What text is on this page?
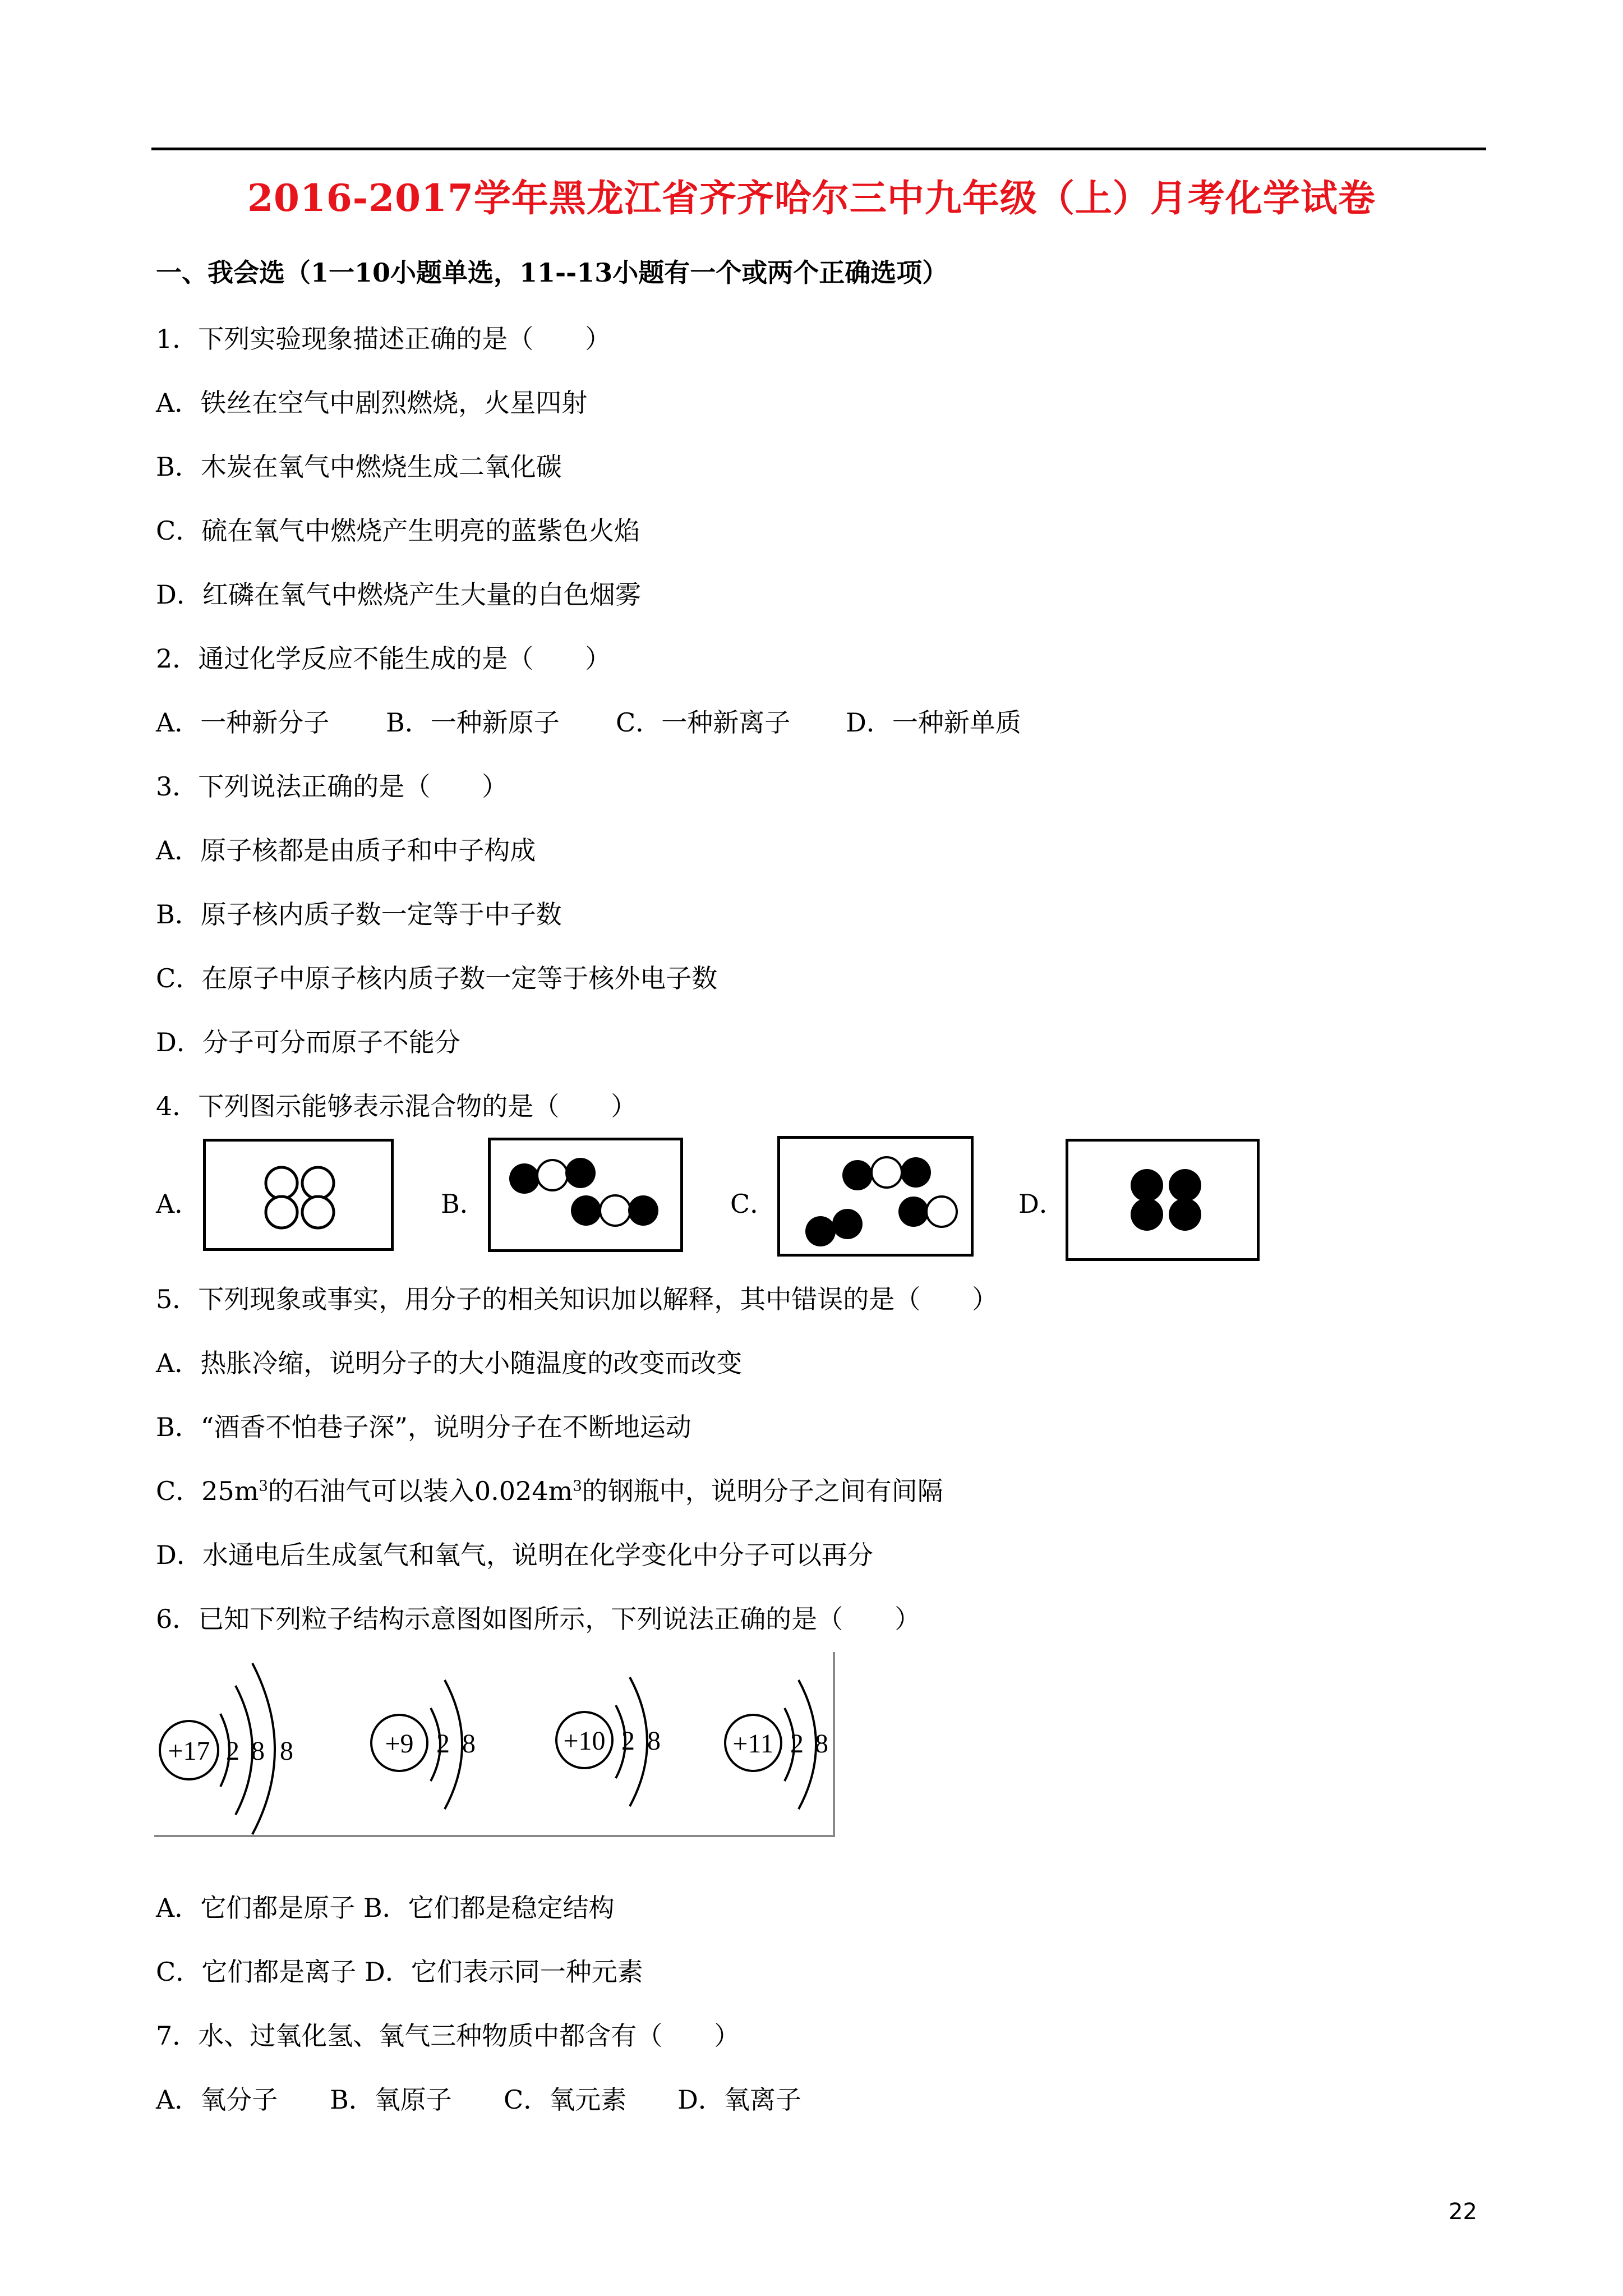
2016-2017学年黑龙江省齐齐哈尔三中九年级（上）月考化学试卷
一、我会选（1一10小题单选，11--13小题有一个或两个正确选项）
1．下列实验现象描述正确的是（　　）
A．铁丝在空气中剧烈燃烧，火星四射
B．木炭在氧气中燃烧生成二氧化碳
C．硫在氧气中燃烧产生明亮的蓝紫色火焰
D．红磷在氧气中燃烧产生大量的白色烟雾
2．通过化学反应不能生成的是（　　）
A．一种新分子 B．一种新原子 C．一种新离子 D．一种新单质
3．下列说法正确的是（　　）
A．原子核都是由质子和中子构成
B．原子核内质子数一定等于中子数
C．在原子中原子核内质子数一定等于核外电子数
D．分子可分而原子不能分
4．下列图示能够表示混合物的是（　　）
A．	B．	C．	D．
5．下列现象或事实，用分子的相关知识加以解释，其中错误的是（　　）
A．热胀冷缩，说明分子的大小随温度的改变而改变
B．“酒香不怕巷子深”，说明分子在不断地运动
C．$25m^3$的石油气可以装入$0.024m^3$的钢瓶中，说明分子之间有间隔
D．水通电后生成氢气和氧气，说明在化学变化中分子可以再分
6．已知下列粒子结构示意图如图所示，下列说法正确的是（　　）
+17 2 8 8	+9 2 8	+10 2 8	+11 2 8
A．它们都是原子 B．它们都是稳定结构
C．它们都是离子 D．它们表示同一种元素
7．水、过氧化氢、氧气三种物质中都含有（　　）
A．氧分子 B．氧原子 C．氧元素 D．氧离子
22
